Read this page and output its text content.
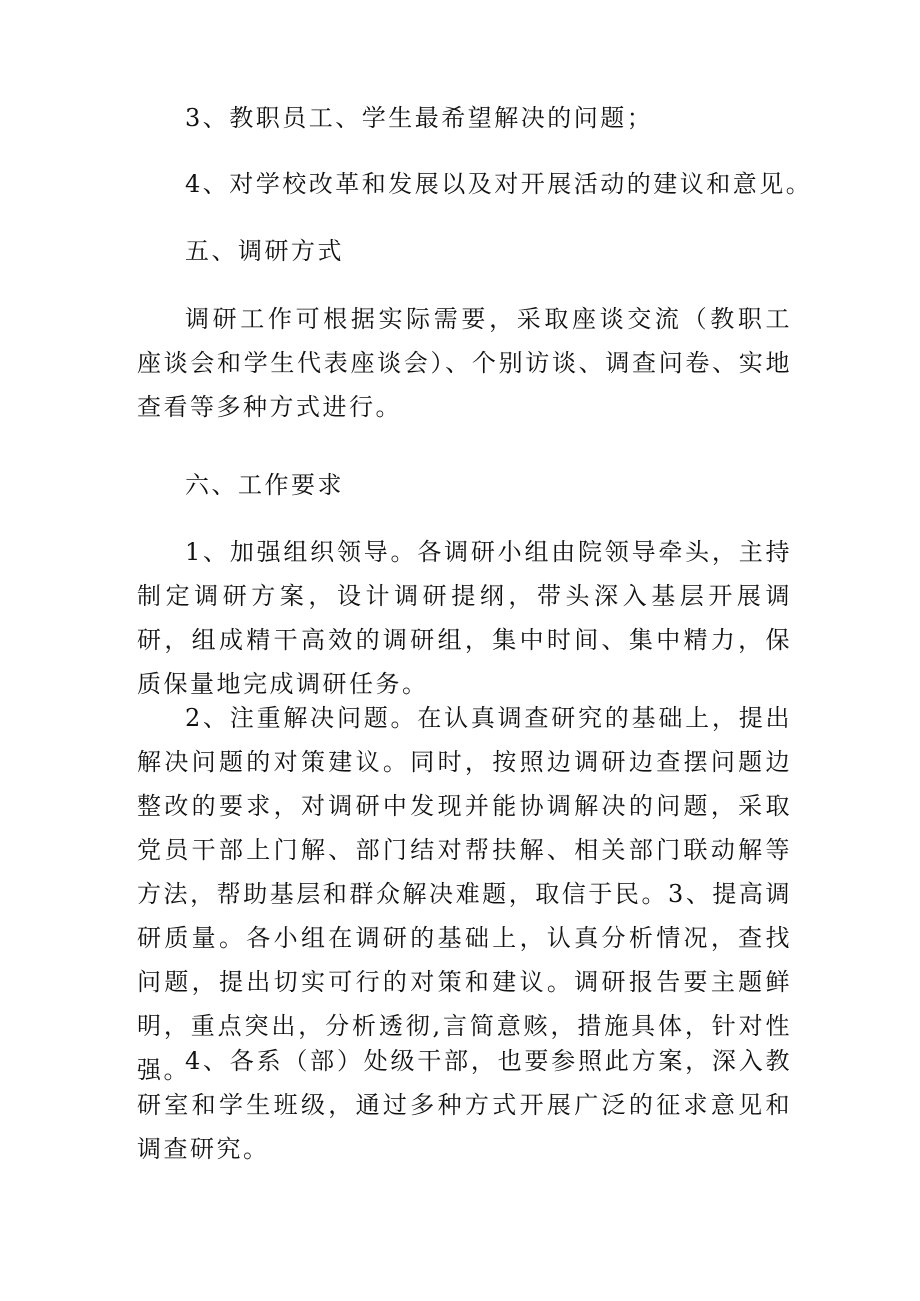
3、教职员工、学生最希望解决的问题；

4、对学校改革和发展以及对开展活动的建议和意见。

五、调研方式

调研工作可根据实际需要，采取座谈交流（教职工座谈会和学生代表座谈会）、个别访谈、调查问卷、实地查看等多种方式进行。

六、工作要求

1、加强组织领导。各调研小组由院领导牵头，主持制定调研方案，设计调研提纲，带头深入基层开展调研，组成精干高效的调研组，集中时间、集中精力，保质保量地完成调研任务。

2、注重解决问题。在认真调查研究的基础上，提出解决问题的对策建议。同时，按照边调研边查摆问题边整改的要求，对调研中发现并能协调解决的问题，采取党员干部上门解、部门结对帮扶解、相关部门联动解等方法，帮助基层和群众解决难题，取信于民。3、提高调研质量。各小组在调研的基础上，认真分析情况，查找问题，提出切实可行的对策和建议。调研报告要主题鲜明，重点突出，分析透彻,言简意赅，措施具体，针对性强。

4、各系（部）处级干部，也要参照此方案，深入教研室和学生班级，通过多种方式开展广泛的征求意见和调查研究。
